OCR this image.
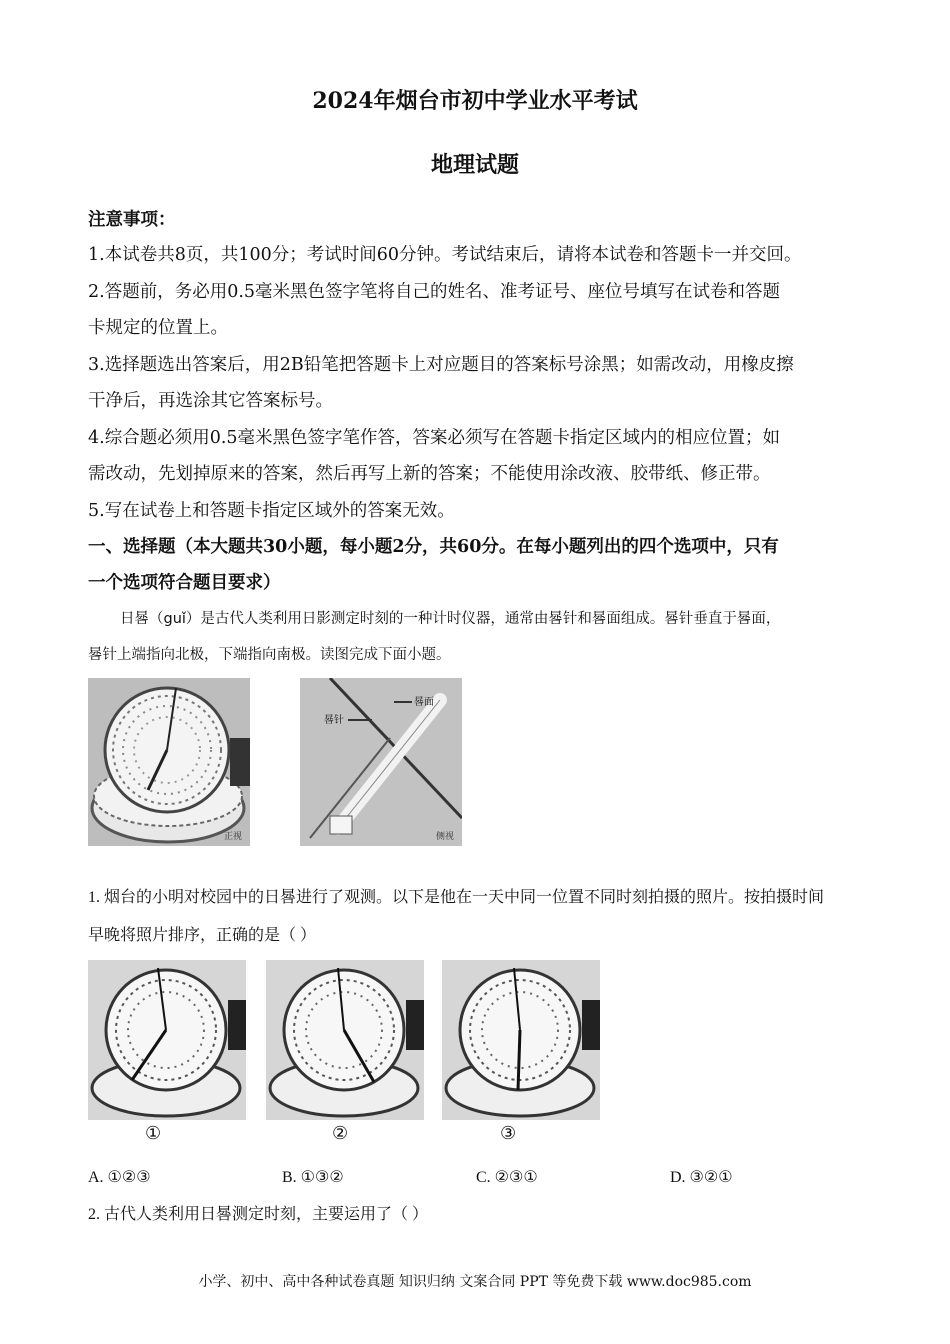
2024年烟台市初中学业水平考试
地理试题
注意事项：
1.本试卷共8页，共100分；考试时间60分钟。考试结束后，请将本试卷和答题卡一并交回。
2.答题前，务必用0.5毫米黑色签字笔将自己的姓名、准考证号、座位号填写在试卷和答题
卡规定的位置上。
3.选择题选出答案后，用2B铅笔把答题卡上对应题目的答案标号涂黑；如需改动，用橡皮擦
干净后，再选涂其它答案标号。
4.综合题必须用0.5毫米黑色签字笔作答，答案必须写在答题卡指定区域内的相应位置；如
需改动，先划掉原来的答案，然后再写上新的答案；不能使用涂改液、胶带纸、修正带。
5.写在试卷上和答题卡指定区域外的答案无效。
一、选择题（本大题共30小题，每小题2分，共60分。在每小题列出的四个选项中，只有
一个选项符合题目要求）
日晷（guǐ）是古代人类利用日影测定时刻的一种计时仪器，通常由晷针和晷面组成。晷针垂直于晷面，
晷针上端指向北极，下端指向南极。读图完成下面小题。
正视
晷针
晷面
侧视
1. 烟台的小明对校园中的日晷进行了观测。以下是他在一天中同一位置不同时刻拍摄的照片。按拍摄时间
早晚将照片排序，正确的是（ ）
①	②	③
A. ①②③	B. ①③②	C. ②③①	D. ③②①
2. 古代人类利用日晷测定时刻，主要运用了（ ）
小学、初中、高中各种试卷真题 知识归纳 文案合同 PPT 等免费下载 www.doc985.com
